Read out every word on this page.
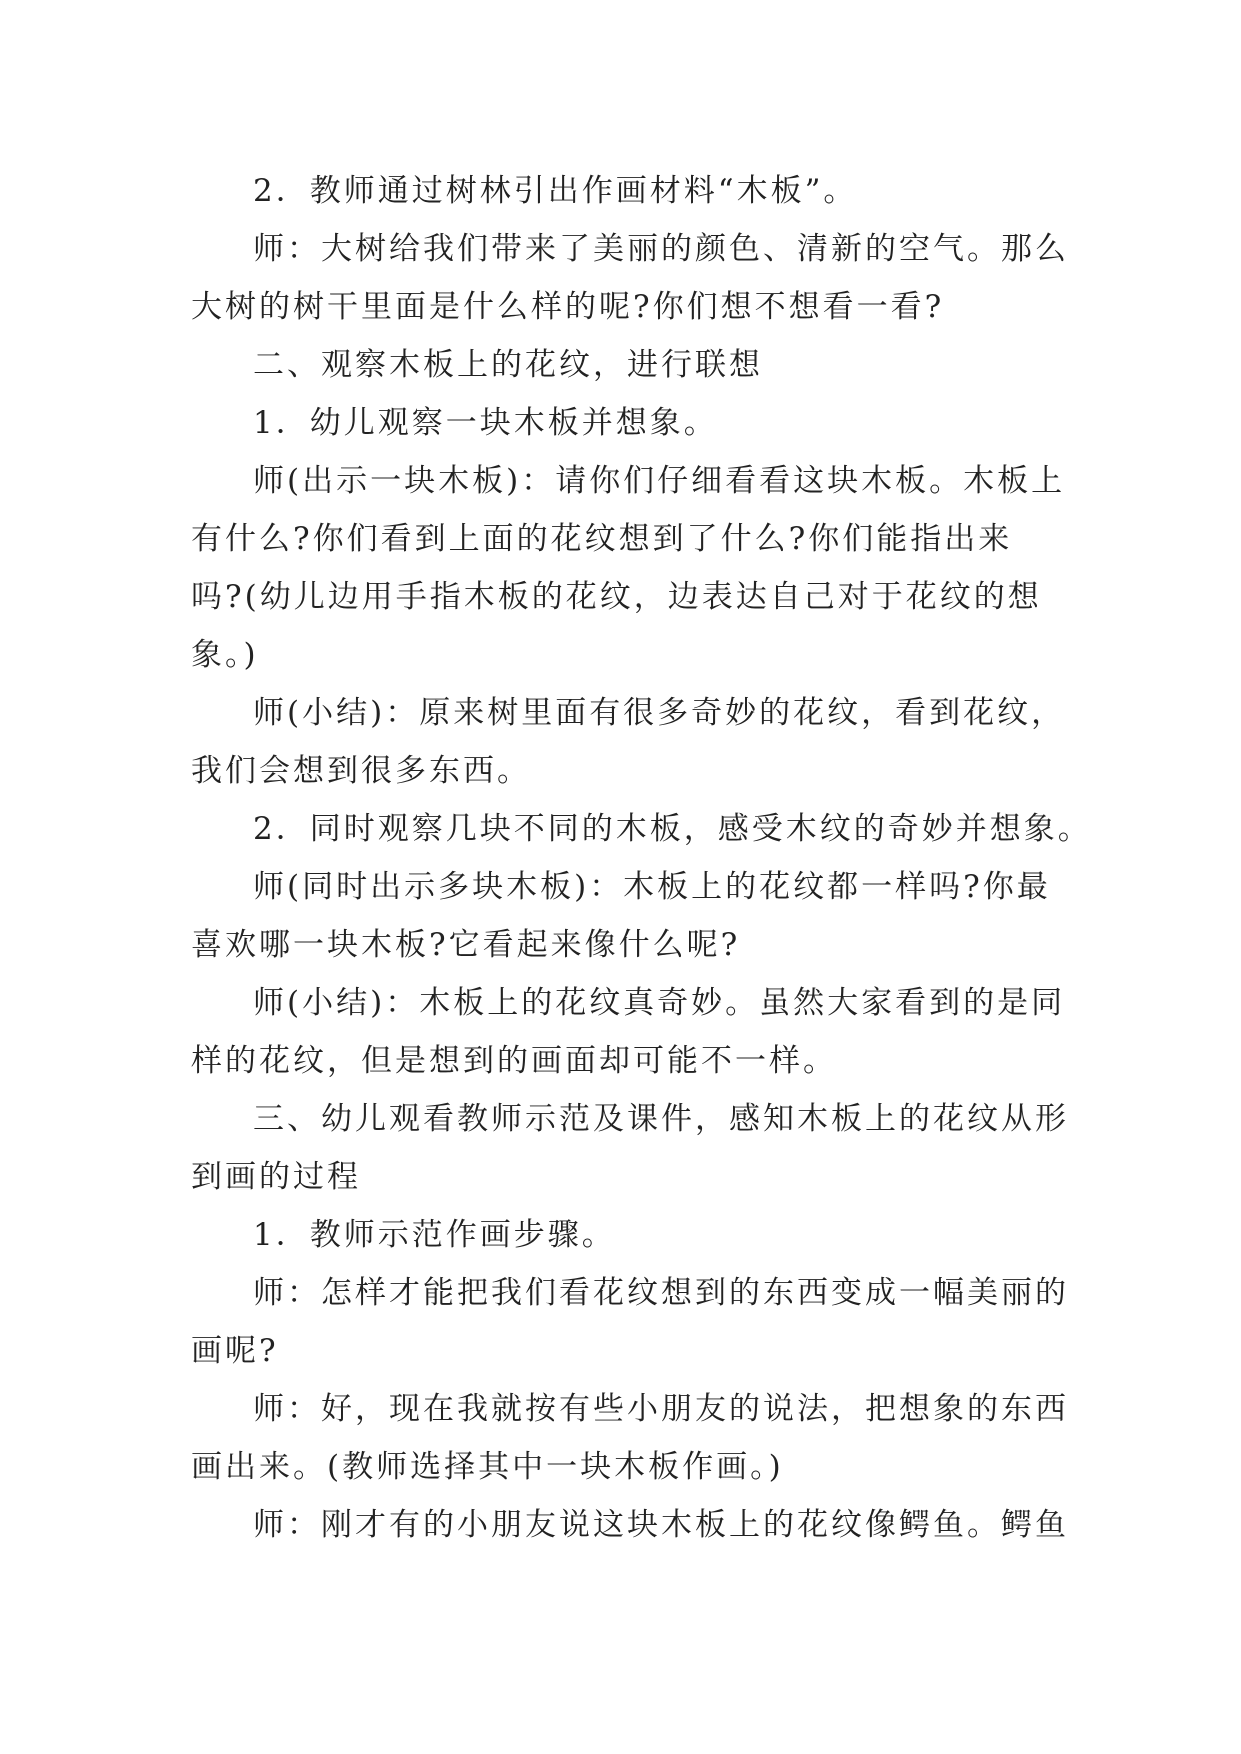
2．教师通过树林引出作画材料“木板”。
师：大树给我们带来了美丽的颜色、清新的空气。那么
大树的树干里面是什么样的呢?你们想不想看一看?
二、观察木板上的花纹，进行联想
1．幼儿观察一块木板并想象。
师(出示一块木板)：请你们仔细看看这块木板。木板上
有什么?你们看到上面的花纹想到了什么?你们能指出来
吗?(幼儿边用手指木板的花纹，边表达自己对于花纹的想
象。)
师(小结)：原来树里面有很多奇妙的花纹，看到花纹，
我们会想到很多东西。
2．同时观察几块不同的木板，感受木纹的奇妙并想象。
师(同时出示多块木板)：木板上的花纹都一样吗?你最
喜欢哪一块木板?它看起来像什么呢?
师(小结)：木板上的花纹真奇妙。虽然大家看到的是同
样的花纹，但是想到的画面却可能不一样。
三、幼儿观看教师示范及课件，感知木板上的花纹从形
到画的过程
1．教师示范作画步骤。
师：怎样才能把我们看花纹想到的东西变成一幅美丽的
画呢?
师：好，现在我就按有些小朋友的说法，把想象的东西
画出来。(教师选择其中一块木板作画。)
师：刚才有的小朋友说这块木板上的花纹像鳄鱼。鳄鱼
